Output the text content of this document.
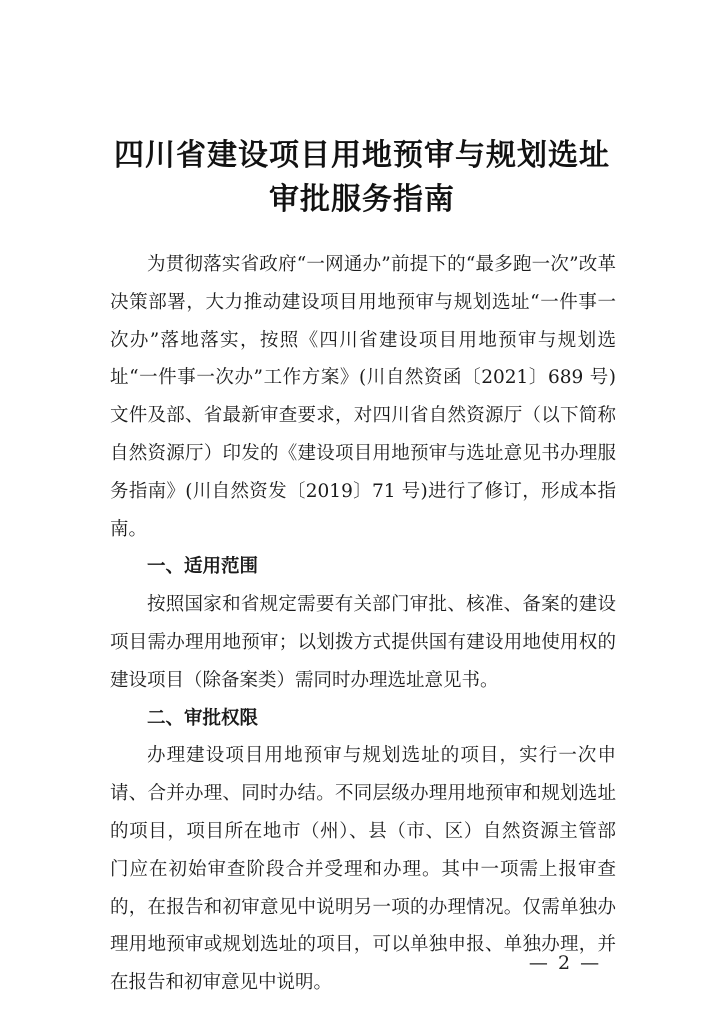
四川省建设项目用地预审与规划选址
审批服务指南

为贯彻落实省政府“一网通办”前提下的“最多跑一次”改革决策部署，大力推动建设项目用地预审与规划选址“一件事一次办”落地落实，按照《四川省建设项目用地预审与规划选址“一件事一次办”工作方案》(川自然资函〔2021〕689 号)文件及部、省最新审查要求，对四川省自然资源厅（以下简称自然资源厅）印发的《建设项目用地预审与选址意见书办理服务指南》(川自然资发〔2019〕71 号)进行了修订，形成本指南。

一、适用范围

按照国家和省规定需要有关部门审批、核准、备案的建设项目需办理用地预审；以划拨方式提供国有建设用地使用权的建设项目（除备案类）需同时办理选址意见书。

二、审批权限

办理建设项目用地预审与规划选址的项目，实行一次申请、合并办理、同时办结。不同层级办理用地预审和规划选址的项目，项目所在地市（州）、县（市、区）自然资源主管部门应在初始审查阶段合并受理和办理。其中一项需上报审查的，在报告和初审意见中说明另一项的办理情况。仅需单独办理用地预审或规划选址的项目，可以单独申报、单独办理，并在报告和初审意见中说明。

— 2 —
